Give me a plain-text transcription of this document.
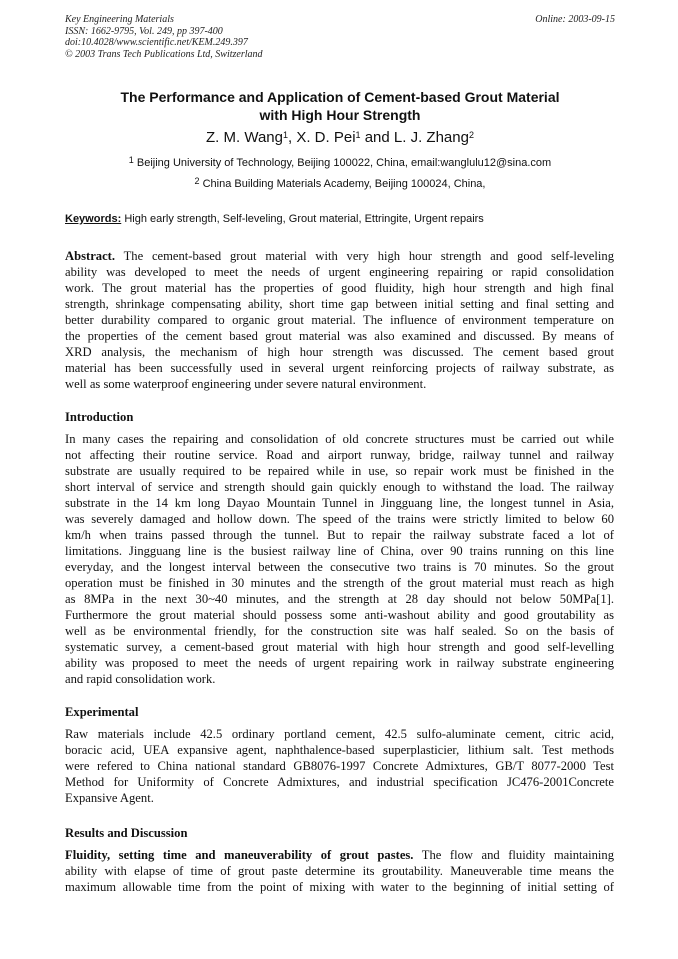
Key Engineering Materials
ISSN: 1662-9795, Vol. 249, pp 397-400
doi:10.4028/www.scientific.net/KEM.249.397
© 2003 Trans Tech Publications Ltd, Switzerland
Online: 2003-09-15
The Performance and Application of Cement-based Grout Material
with High Hour Strength
Z. M. Wang$^1$, X. D. Pei$^1$ and L. J. Zhang$^2$
$^1$ Beijing University of Technology, Beijing 100022, China, email:wanglulu12@sina.com
$^2$ China Building Materials Academy, Beijing 100024, China,
Keywords: High early strength, Self-leveling, Grout material, Ettringite, Urgent repairs
Abstract. The cement-based grout material with very high hour strength and good self-leveling
ability was developed to meet the needs of urgent engineering repairing or rapid consolidation
work. The grout material has the properties of good fluidity, high hour strength and high final
strength, shrinkage compensating ability, short time gap between initial setting and final setting and
better durability compared to organic grout material. The influence of environment temperature on
the properties of the cement based grout material was also examined and discussed. By means of
XRD analysis, the mechanism of high hour strength was discussed. The cement based grout
material has been successfully used in several urgent reinforcing projects of railway substrate, as
well as some waterproof engineering under severe natural environment.
Introduction
In many cases the repairing and consolidation of old concrete structures must be carried out while
not affecting their routine service. Road and airport runway, bridge, railway tunnel and railway
substrate are usually required to be repaired while in use, so repair work must be finished in the
short interval of service and strength should gain quickly enough to withstand the load. The railway
substrate in the 14 km long Dayao Mountain Tunnel in Jingguang line, the longest tunnel in Asia,
was severely damaged and hollow down. The speed of the trains were strictly limited to below 60
km/h when trains passed through the tunnel. But to repair the railway substrate faced a lot of
limitations. Jingguang line is the busiest railway line of China, over 90 trains running on this line
everyday, and the longest interval between the consecutive two trains is 70 minutes. So the grout
operation must be finished in 30 minutes and the strength of the grout material must reach as high
as 8MPa in the next 30~40 minutes, and the strength at 28 day should not below 50MPa[1].
Furthermore the grout material should possess some anti-washout ability and good groutability as
well as be environmental friendly, for the construction site was half sealed. So on the basis of
systematic survey, a cement-based grout material with high hour strength and good self-levelling
ability was proposed to meet the needs of urgent repairing work in railway substrate engineering
and rapid consolidation work.
Experimental
Raw materials include 42.5 ordinary portland cement, 42.5 sulfo-aluminate cement, citric acid,
boracic acid, UEA expansive agent, naphthalence-based superplasticier, lithium salt. Test methods
were refered to China national standard GB8076-1997 Concrete Admixtures, GB/T 8077-2000 Test
Method for Uniformity of Concrete Admixtures, and industrial specification JC476-2001Concrete
Expansive Agent.
Results and Discussion
Fluidity, setting time and maneuverability of grout pastes. The flow and fluidity maintaining
ability with elapse of time of grout paste determine its groutability. Maneuverable time means the
maximum allowable time from the point of mixing with water to the beginning of initial setting of
